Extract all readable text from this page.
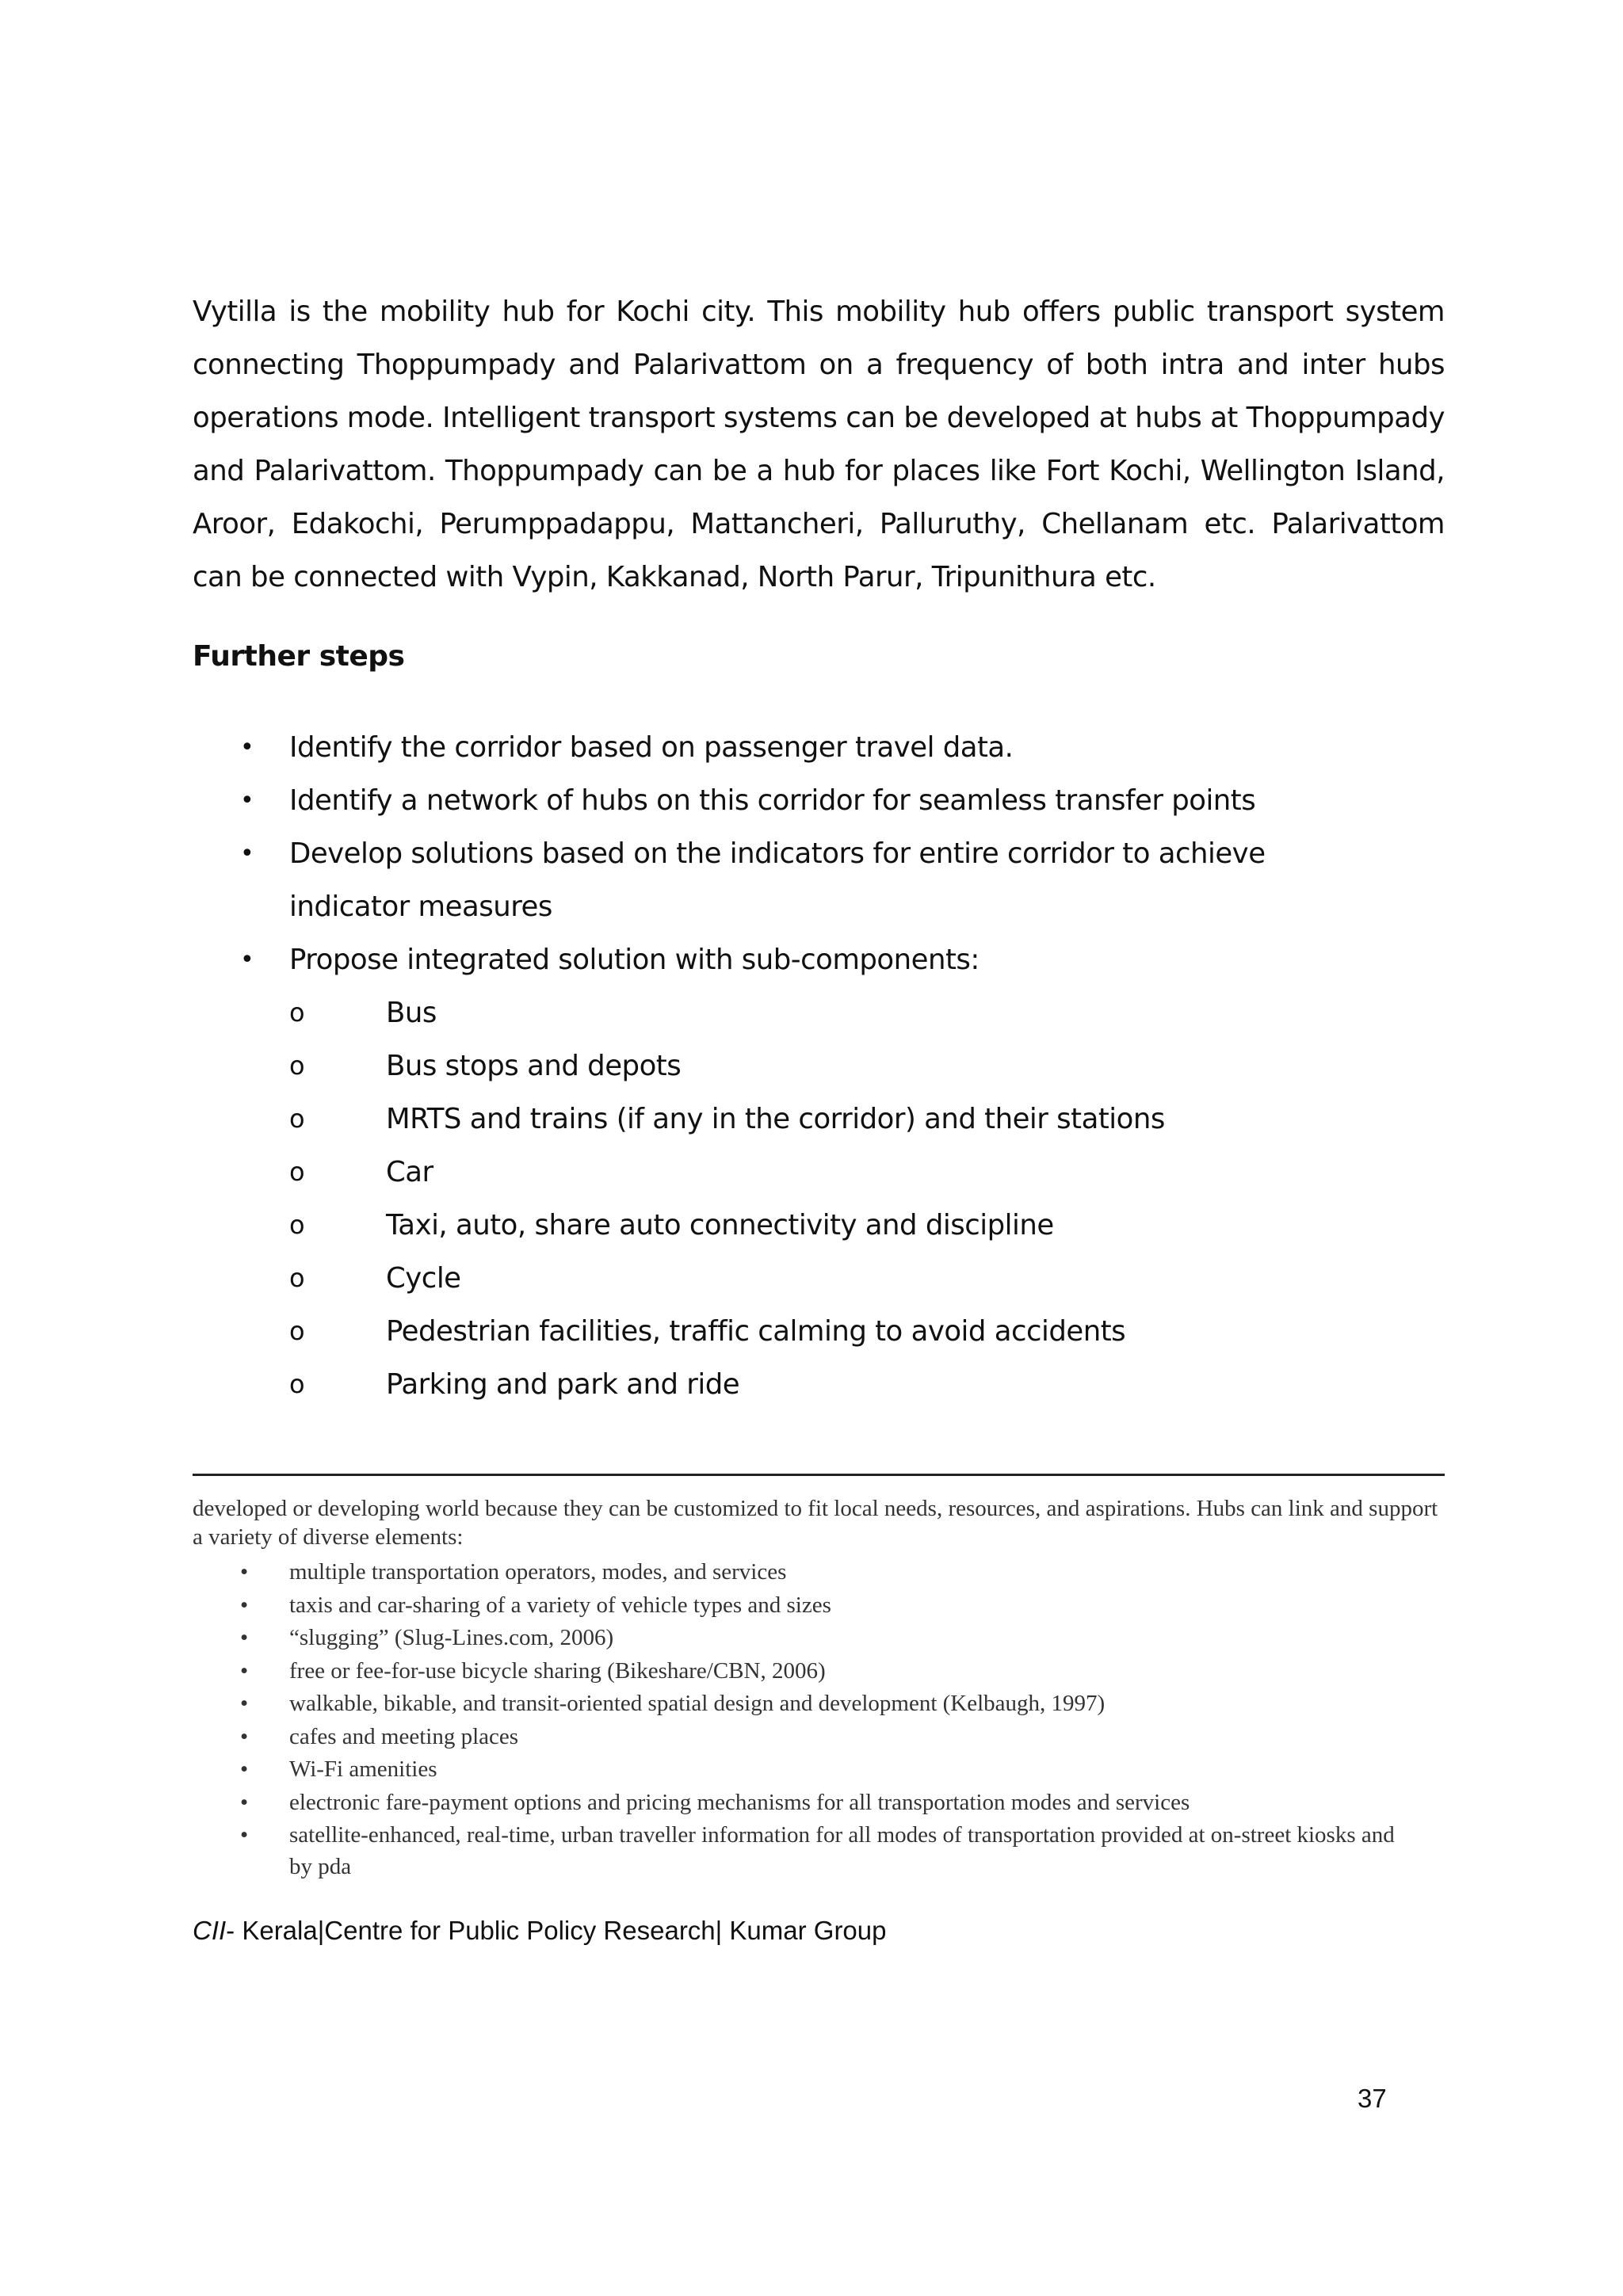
Vytilla is the mobility hub for Kochi city. This mobility hub offers public transport system connecting Thoppumpady and Palarivattom on a frequency of both intra and inter hubs operations mode. Intelligent transport systems can be developed at hubs at Thoppumpady and Palarivattom. Thoppumpady can be a hub for places like Fort Kochi, Wellington Island, Aroor, Edakochi, Perumppadappu, Mattancheri, Palluruthy, Chellanam etc. Palarivattom can be connected with Vypin, Kakkanad, North Parur, Tripunithura etc.

Further steps
• Identify the corridor based on passenger travel data.
• Identify a network of hubs on this corridor for seamless transfer points
• Develop solutions based on the indicators for entire corridor to achieve indicator measures
• Propose integrated solution with sub-components:
o	Bus
o	Bus stops and depots
o	MRTS and trains (if any in the corridor) and their stations
o	Car
o	Taxi, auto, share auto connectivity and discipline
o	Cycle
o	Pedestrian facilities, traffic calming to avoid accidents
o	Parking and park and ride

developed or developing world because they can be customized to fit local needs, resources, and aspirations. Hubs can link and support a variety of diverse elements:

• multiple transportation operators, modes, and services
• taxis and car-sharing of a variety of vehicle types and sizes
• “slugging” (Slug-Lines.com, 2006)
• free or fee-for-use bicycle sharing (Bikeshare/CBN, 2006)
• walkable, bikable, and transit-oriented spatial design and development (Kelbaugh, 1997)
• cafes and meeting places
• Wi-Fi amenities
• electronic fare-payment options and pricing mechanisms for all transportation modes and services
• satellite-enhanced, real-time, urban traveller information for all modes of transportation provided at on-street kiosks and by pda

CII- Kerala|Centre for Public Policy Research| Kumar Group

37
